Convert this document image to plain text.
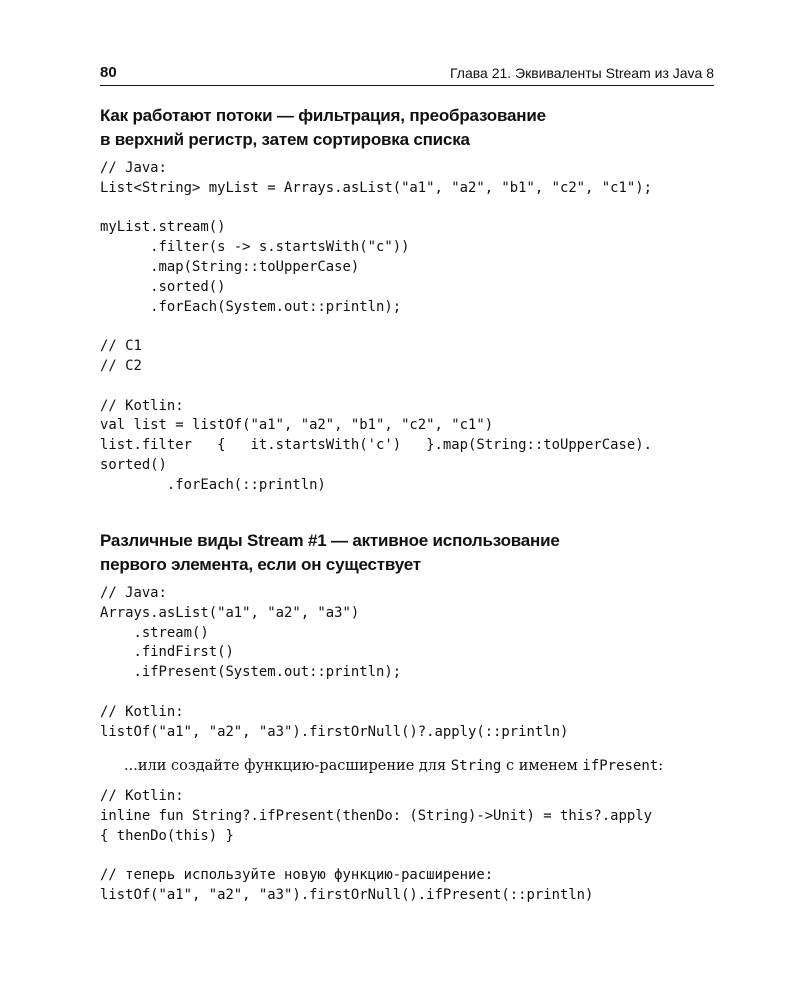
80	Глава 21. Эквиваленты Stream из Java 8
Как работают потоки — фильтрация, преобразование
в верхний регистр, затем сортировка списка
// Java:
List<String> myList = Arrays.asList("a1", "a2", "b1", "c2", "c1");
myList.stream()
.filter(s -> s.startsWith("c"))
.map(String::toUpperCase)
.sorted()
.forEach(System.out::println);
// C1
// C2
// Kotlin:
val list = listOf("a1", "a2", "b1", "c2", "c1")
list.filter   {   it.startsWith('c')   }.map(String::toUpperCase).
sorted()
.forEach(::println)
Различные виды Stream #1 — активное использование
первого элемента, если он существует
// Java:
Arrays.asList("a1", "a2", "a3")
.stream()
.findFirst()
.ifPresent(System.out::println);
// Kotlin:
listOf("a1", "a2", "a3").firstOrNull()?.apply(::println)
...или создайте функцию-расширение для String с именем ifPresent:
// Kotlin:
inline fun String?.ifPresent(thenDo: (String)->Unit) = this?.apply
{ thenDo(this) }
// теперь используйте новую функцию-расширение:
listOf("a1", "a2", "a3").firstOrNull().ifPresent(::println)
